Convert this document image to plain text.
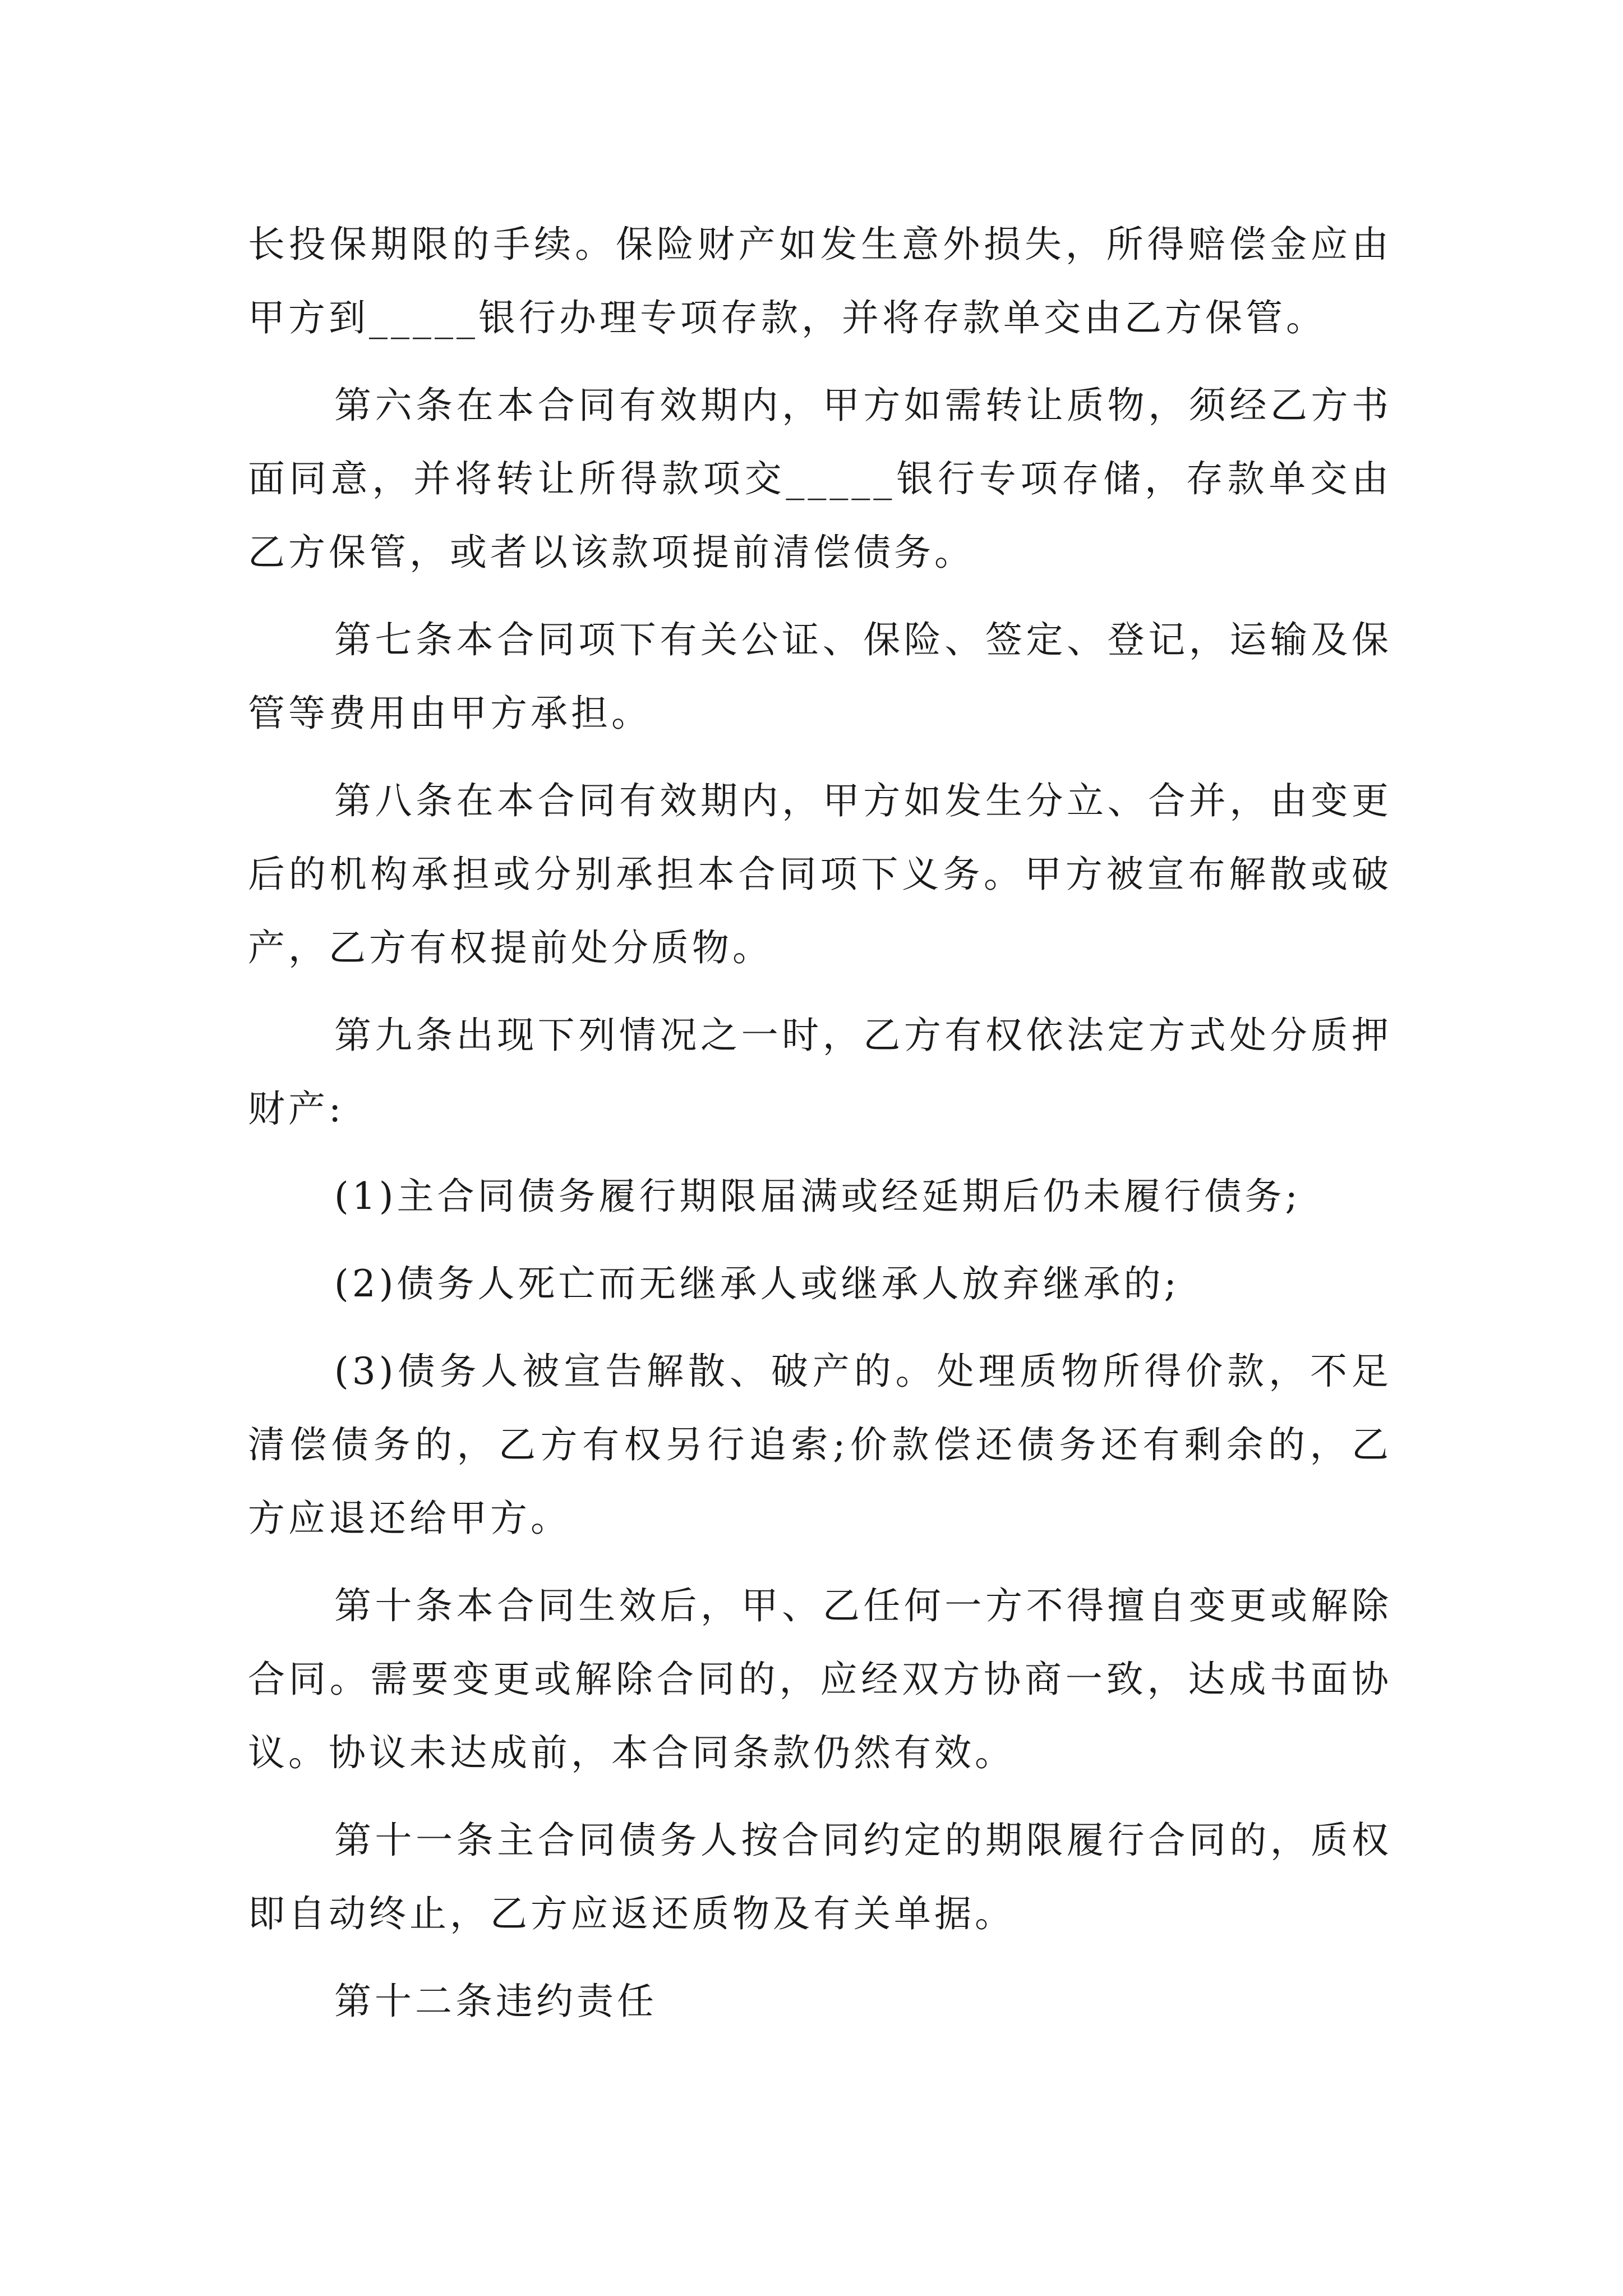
长投保期限的手续。保险财产如发生意外损失，所得赔偿金应由甲方到_____银行办理专项存款，并将存款单交由乙方保管。

第六条在本合同有效期内，甲方如需转让质物，须经乙方书面同意，并将转让所得款项交_____银行专项存储，存款单交由乙方保管，或者以该款项提前清偿债务。

第七条本合同项下有关公证、保险、签定、登记，运输及保管等费用由甲方承担。

第八条在本合同有效期内，甲方如发生分立、合并，由变更后的机构承担或分别承担本合同项下义务。甲方被宣布解散或破产，乙方有权提前处分质物。

第九条出现下列情况之一时，乙方有权依法定方式处分质押财产:

(1)主合同债务履行期限届满或经延期后仍未履行债务;

(2)债务人死亡而无继承人或继承人放弃继承的;

(3)债务人被宣告解散、破产的。处理质物所得价款，不足清偿债务的，乙方有权另行追索;价款偿还债务还有剩余的，乙方应退还给甲方。

第十条本合同生效后，甲、乙任何一方不得擅自变更或解除合同。需要变更或解除合同的，应经双方协商一致，达成书面协议。协议未达成前，本合同条款仍然有效。

第十一条主合同债务人按合同约定的期限履行合同的，质权即自动终止，乙方应返还质物及有关单据。

第十二条违约责任
